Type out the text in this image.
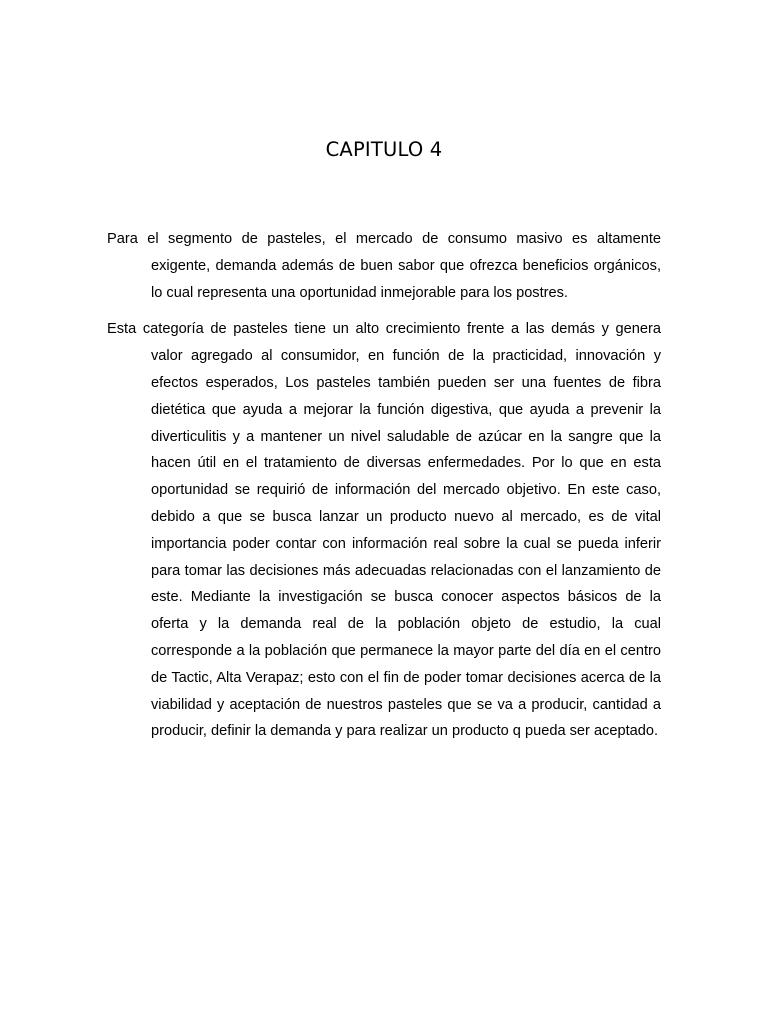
CAPITULO 4

Para el segmento de pasteles, el mercado de consumo masivo es altamente exigente, demanda además de buen sabor que ofrezca beneficios orgánicos, lo cual representa una oportunidad inmejorable para los postres.

Esta categoría de pasteles tiene un alto crecimiento frente a las demás y genera valor agregado al consumidor, en función de la practicidad, innovación y efectos esperados, Los pasteles también pueden ser una fuentes de fibra dietética que ayuda a mejorar la función digestiva, que ayuda a prevenir la diverticulitis y a mantener un nivel saludable de azúcar en la sangre que la hacen útil en el tratamiento de diversas enfermedades. Por lo que en esta oportunidad se requirió de información del mercado objetivo. En este caso, debido a que se busca lanzar un producto nuevo al mercado, es de vital importancia poder contar con información real sobre la cual se pueda inferir para tomar las decisiones más adecuadas relacionadas con el lanzamiento de este. Mediante la investigación se busca conocer aspectos básicos de la oferta y la demanda real de la población objeto de estudio, la cual corresponde a la población que permanece la mayor parte del día en el centro de Tactic, Alta Verapaz; esto con el fin de poder tomar decisiones acerca de la viabilidad y aceptación de nuestros pasteles que se va a producir, cantidad a producir, definir la demanda y para realizar un producto q pueda ser aceptado.
